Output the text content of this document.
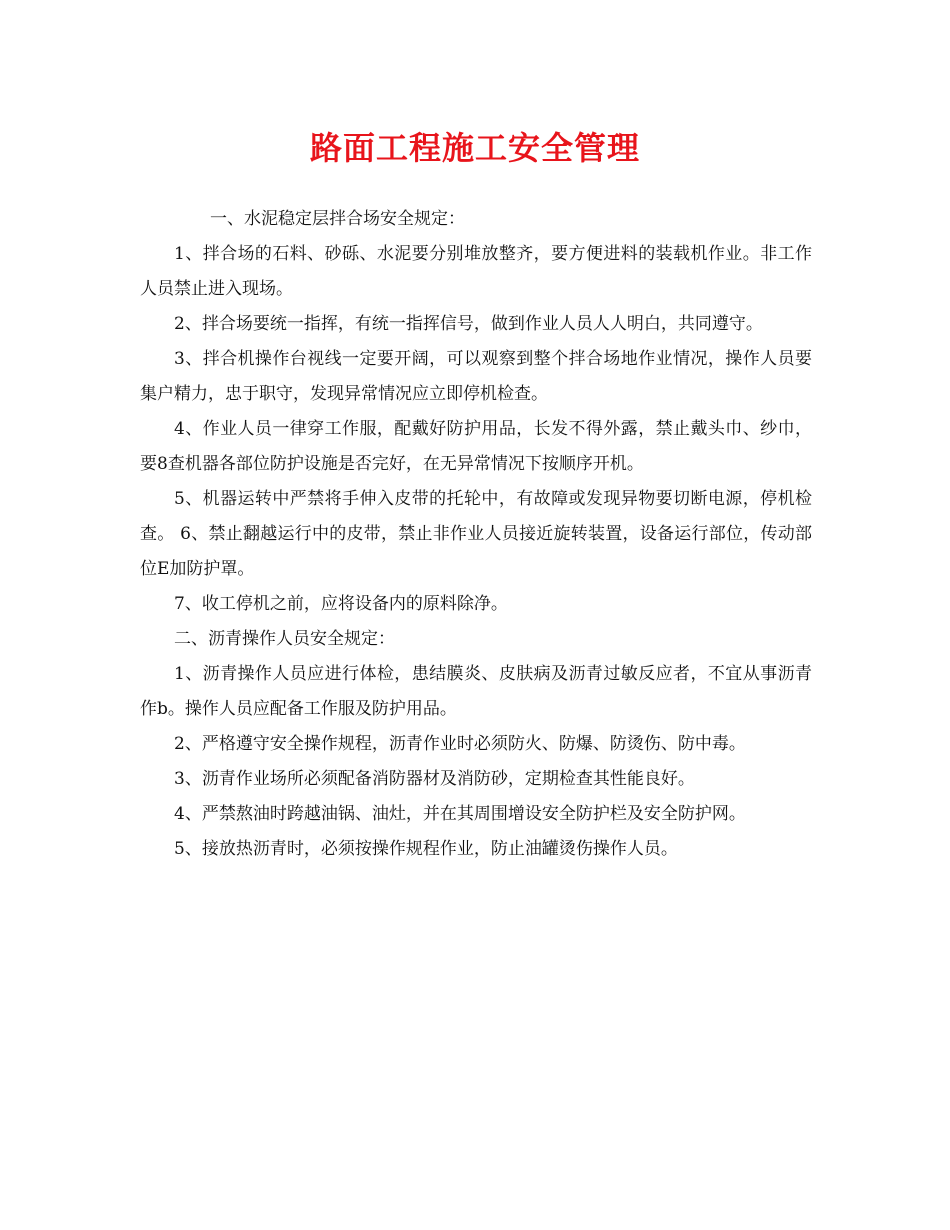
路面工程施工安全管理

一、水泥稳定层拌合场安全规定：

1、拌合场的石料、砂砾、水泥要分别堆放整齐，要方便进料的装载机作业。非工作人员禁止进入现场。

2、拌合场要统一指挥，有统一指挥信号，做到作业人员人人明白，共同遵守。

3、拌合机操作台视线一定要开阔，可以观察到整个拌合场地作业情况，操作人员要集户精力，忠于职守，发现异常情况应立即停机检查。

4、作业人员一律穿工作服，配戴好防护用品，长发不得外露，禁止戴头巾、纱巾，要8查机器各部位防护设施是否完好，在无异常情况下按顺序开机。

5、机器运转中严禁将手伸入皮带的托轮中，有故障或发现异物要切断电源，停机检查。 6、禁止翻越运行中的皮带，禁止非作业人员接近旋转装置，设备运行部位，传动部位E加防护罩。

7、收工停机之前，应将设备内的原料除净。

二、沥青操作人员安全规定：

1、沥青操作人员应进行体检，患结膜炎、皮肤病及沥青过敏反应者，不宜从事沥青作b。操作人员应配备工作服及防护用品。

2、严格遵守安全操作规程，沥青作业时必须防火、防爆、防烫伤、防中毒。

3、沥青作业场所必须配备消防器材及消防砂，定期检查其性能良好。

4、严禁熬油时跨越油锅、油灶，并在其周围增设安全防护栏及安全防护网。

5、接放热沥青时，必须按操作规程作业，防止油罐烫伤操作人员。
